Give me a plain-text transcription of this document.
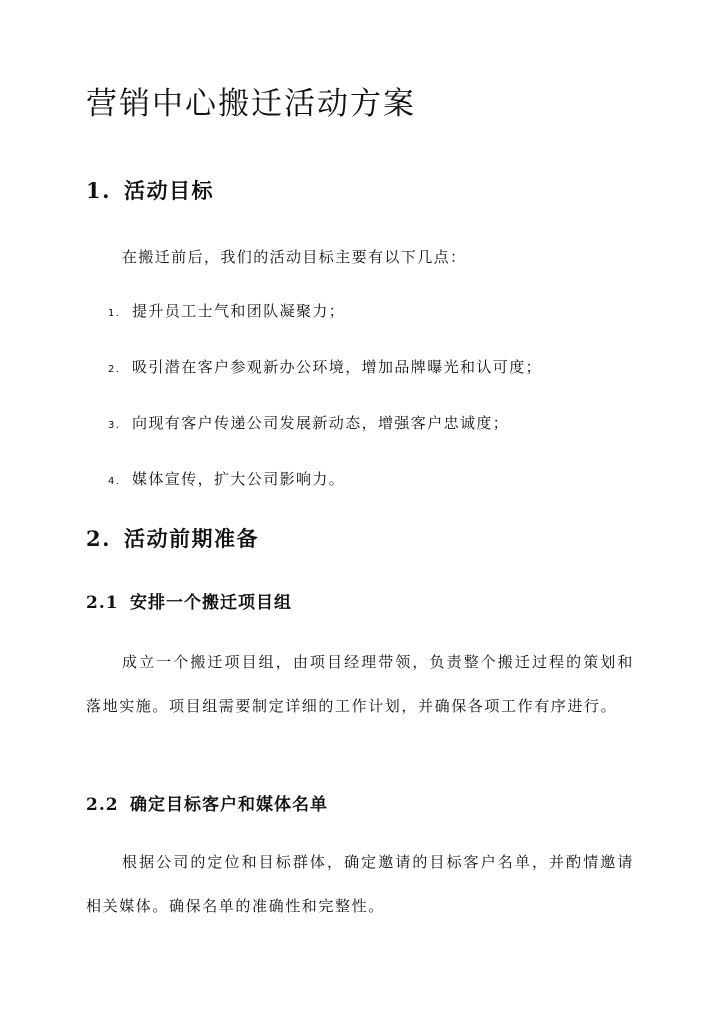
营销中心搬迁活动方案
1. 活动目标

在搬迁前后，我们的活动目标主要有以下几点：

1. 提升员工士气和团队凝聚力；

2. 吸引潜在客户参观新办公环境，增加品牌曝光和认可度；

3. 向现有客户传递公司发展新动态，增强客户忠诚度；

4. 媒体宣传，扩大公司影响力。

2. 活动前期准备
2.1 安排一个搬迁项目组

成立一个搬迁项目组，由项目经理带领，负责整个搬迁过程的策划和落地实施。项目组需要制定详细的工作计划，并确保各项工作有序进行。

2.2 确定目标客户和媒体名单

根据公司的定位和目标群体，确定邀请的目标客户名单，并酌情邀请相关媒体。确保名单的准确性和完整性。
